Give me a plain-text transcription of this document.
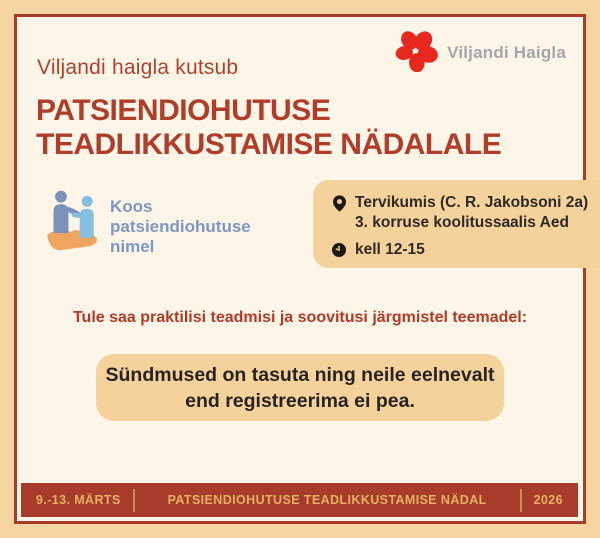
Viljandi haigla kutsub
PATSIENDIOHUTUSE
TEADLIKKUSTAMISE NÄDALALE
Viljandi Haigla
Koos
patsiendiohutuse
nimel
Tervikumis (C. R. Jakobsoni 2a)
3. korruse koolitussaalis Aed
kell 12-15
Tule saa praktilisi teadmisi ja soovitusi järgmistel teemadel:
Sündmused on tasuta ning neile eelnevalt
end registreerima ei pea.
9.-13. MÄRTS	PATSIENDIOHUTUSE TEADLIKKUSTAMISE NÄDAL	2026
